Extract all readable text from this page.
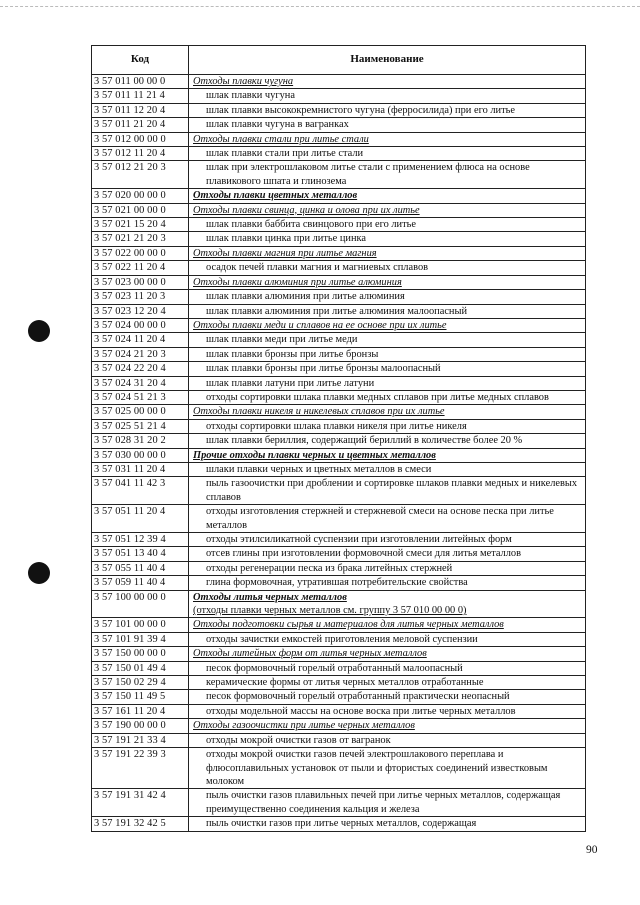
Код	Наименование
3 57 011 00 00 0	Отходы плавки чугуна
3 57 011 11 21 4	шлак плавки чугуна
3 57 011 12 20 4	шлак плавки высококремнистого чугуна (ферросилида) при его литье
3 57 011 21 20 4	шлак плавки чугуна в вагранках
3 57 012 00 00 0	Отходы плавки стали при литье стали
3 57 012 11 20 4	шлак плавки стали при литье стали
3 57 012 21 20 3	шлак при электрошлаковом литье стали с применением флюса на основе плавикового шпата и глинозема
3 57 020 00 00 0	Отходы плавки цветных металлов
3 57 021 00 00 0	Отходы плавки свинца, цинка и олова при их литье
3 57 021 15 20 4	шлак плавки баббита свинцового при его литье
3 57 021 21 20 3	шлак плавки цинка при литье цинка
3 57 022 00 00 0	Отходы плавки магния при литье магния
3 57 022 11 20 4	осадок печей плавки магния и магниевых сплавов
3 57 023 00 00 0	Отходы плавки алюминия при литье алюминия
3 57 023 11 20 3	шлак плавки алюминия при литье алюминия
3 57 023 12 20 4	шлак плавки алюминия при литье алюминия малоопасный
3 57 024 00 00 0	Отходы плавки меди и сплавов на ее основе при их литье
3 57 024 11 20 4	шлак плавки меди при литье меди
3 57 024 21 20 3	шлак плавки бронзы при литье бронзы
3 57 024 22 20 4	шлак плавки бронзы при литье бронзы малоопасный
3 57 024 31 20 4	шлак плавки латуни при литье латуни
3 57 024 51 21 3	отходы сортировки шлака плавки медных сплавов при литье медных сплавов
3 57 025 00 00 0	Отходы плавки никеля и никелевых сплавов при их литье
3 57 025 51 21 4	отходы сортировки шлака плавки никеля при литье никеля
3 57 028 31 20 2	шлак плавки бериллия, содержащий бериллий в количестве более 20 %
3 57 030 00 00 0	Прочие отходы плавки черных и цветных металлов
3 57 031 11 20 4	шлаки плавки черных и цветных металлов в смеси
3 57 041 11 42 3	пыль газоочистки при дроблении и сортировке шлаков плавки медных и никелевых сплавов
3 57 051 11 20 4	отходы изготовления стержней и стержневой смеси на основе песка при литье металлов
3 57 051 12 39 4	отходы этилсиликатной суспензии при изготовлении литейных форм
3 57 051 13 40 4	отсев глины при изготовлении формовочной смеси для литья металлов
3 57 055 11 40 4	отходы регенерации песка из брака литейных стержней
3 57 059 11 40 4	глина формовочная, утратившая потребительские свойства
3 57 100 00 00 0	Отходы литья черных металлов
(отходы плавки черных металлов см. группу 3 57 010 00 00 0)

3 57 101 00 00 0	Отходы подготовки сырья и материалов для литья черных металлов
3 57 101 91 39 4	отходы зачистки емкостей приготовления меловой суспензии
3 57 150 00 00 0	Отходы литейных форм от литья черных металлов
3 57 150 01 49 4	песок формовочный горелый отработанный малоопасный
3 57 150 02 29 4	керамические формы от литья черных металлов отработанные
3 57 150 11 49 5	песок формовочный горелый отработанный практически неопасный
3 57 161 11 20 4	отходы модельной массы на основе воска при литье черных металлов
3 57 190 00 00 0	Отходы газоочистки при литье черных металлов
3 57 191 21 33 4	отходы мокрой очистки газов от вагранок
3 57 191 22 39 3	отходы мокрой очистки газов печей электрошлакового переплава и флюсоплавильных установок от пыли и фтористых соединений известковым молоком
3 57 191 31 42 4	пыль очистки газов плавильных печей при литье черных металлов, содержащая преимущественно соединения кальция и железа
3 57 191 32 42 5	пыль очистки газов при литье черных металлов, содержащая
90
